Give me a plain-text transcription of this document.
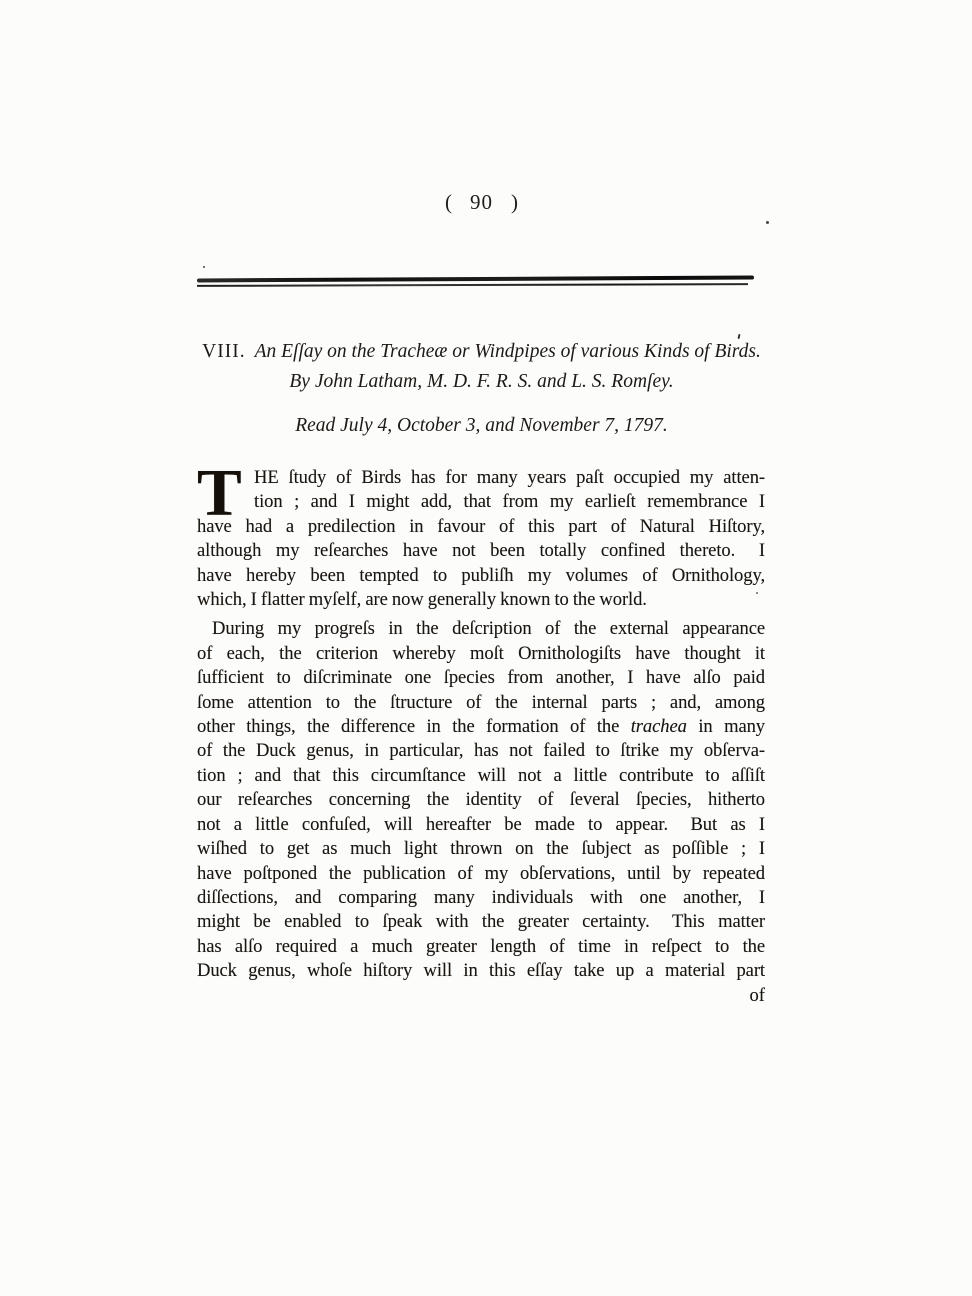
( 90 )
VIII. An Eſſay on the Tracheæ or Windpipes of various Kinds of Birds.
By John Latham, M. D. F. R. S. and L. S. Romſey.
Read July 4, October 3, and November 7, 1797.
T HE ſtudy of Birds has for many years paſt occupied my atten-
tion ; and I might add, that from my earlieſt remembrance I
have had a predilection in favour of this part of Natural Hiſtory,
although my reſearches have not been totally confined thereto.  I
have hereby been tempted to publiſh my volumes of Ornithology,
which, I flatter myſelf, are now generally known to the world.
During my progreſs in the deſcription of the external appearance
of each, the criterion whereby moſt Ornithologiſts have thought it
ſufficient to diſcriminate one ſpecies from another, I have alſo paid
ſome attention to the ſtructure of the internal parts ; and, among
other things, the difference in the formation of the trachea in many
of the Duck genus, in particular, has not failed to ſtrike my obſerva-
tion ; and that this circumſtance will not a little contribute to aſſiſt
our reſearches concerning the identity of ſeveral ſpecies, hitherto
not a little confuſed, will hereafter be made to appear.  But as I
wiſhed to get as much light thrown on the ſubject as poſſible ; I
have poſtponed the publication of my obſervations, until by repeated
diſſections, and comparing many individuals with one another, I
might be enabled to ſpeak with the greater certainty.  This matter
has alſo required a much greater length of time in reſpect to the
Duck genus, whoſe hiſtory will in this eſſay take up a material part
of
